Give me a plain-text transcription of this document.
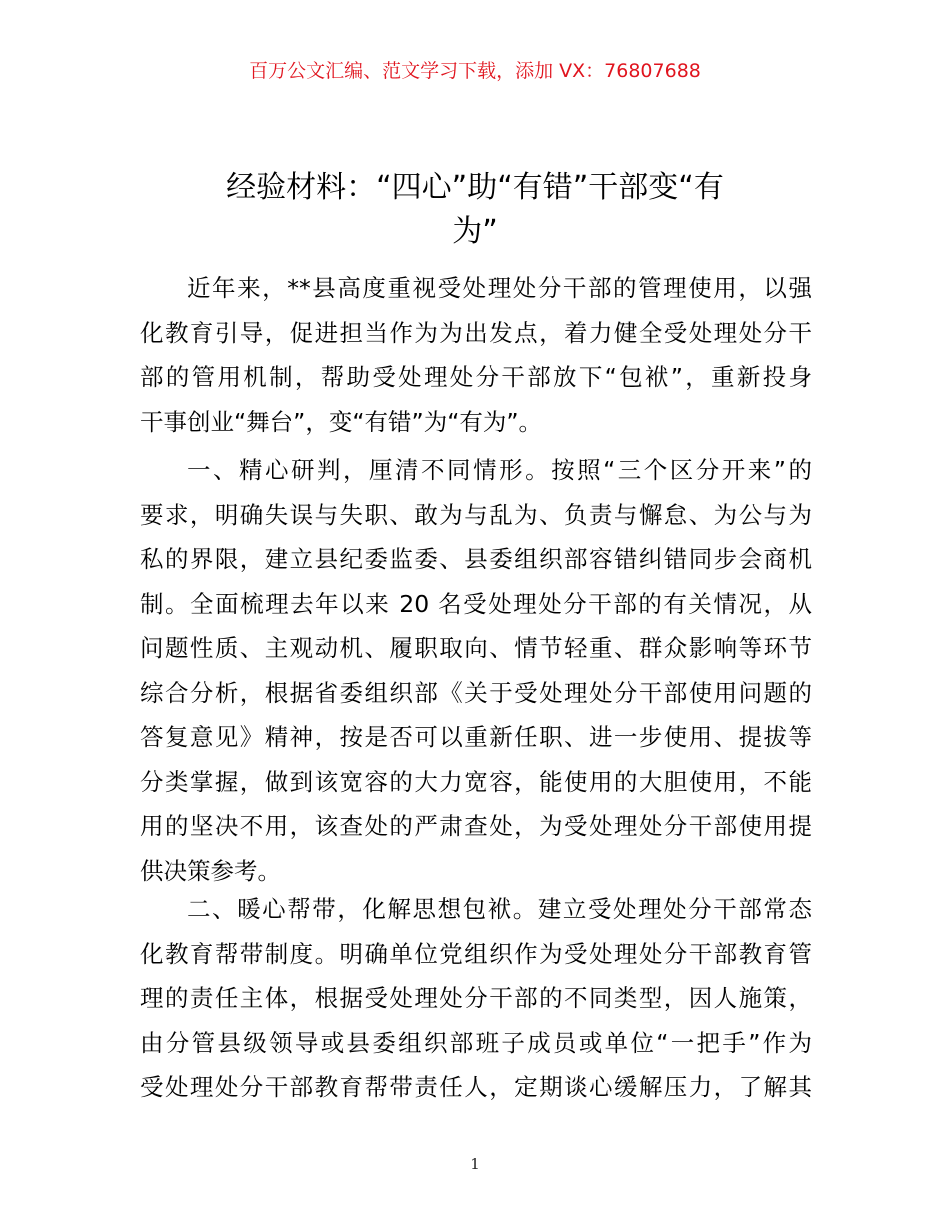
百万公文汇编、范文学习下载，添加 VX：76807688
经验材料：“四心”助“有错”干部变“有
为”

近年来，**县高度重视受处理处分干部的管理使用，以强
化教育引导，促进担当作为为出发点，着力健全受处理处分干
部的管用机制，帮助受处理处分干部放下“包袱”，重新投身
干事创业“舞台”，变“有错”为“有为”。

一、精心研判，厘清不同情形。按照“三个区分开来”的
要求，明确失误与失职、敢为与乱为、负责与懈怠、为公与为
私的界限，建立县纪委监委、县委组织部容错纠错同步会商机
制。全面梳理去年以来 20 名受处理处分干部的有关情况，从
问题性质、主观动机、履职取向、情节轻重、群众影响等环节
综合分析，根据省委组织部《关于受处理处分干部使用问题的
答复意见》精神，按是否可以重新任职、进一步使用、提拔等
分类掌握，做到该宽容的大力宽容，能使用的大胆使用，不能
用的坚决不用，该查处的严肃查处，为受处理处分干部使用提
供决策参考。

二、暖心帮带，化解思想包袱。建立受处理处分干部常态
化教育帮带制度。明确单位党组织作为受处理处分干部教育管
理的责任主体，根据受处理处分干部的不同类型，因人施策，
由分管县级领导或县委组织部班子成员或单位“一把手”作为
受处理处分干部教育帮带责任人，定期谈心缓解压力，了解其

1
